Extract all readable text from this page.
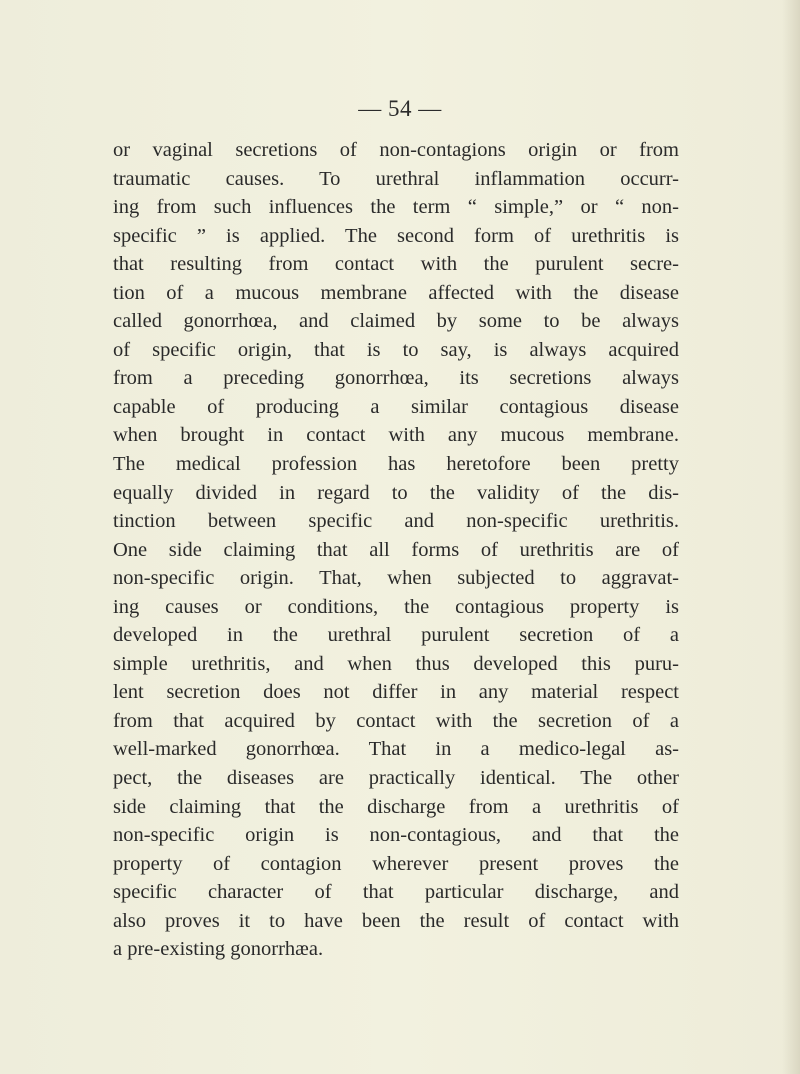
— 54 —
or vaginal secretions of non-contagions origin or from
traumatic causes. To urethral inflammation occurr-
ing from such influences the term “ simple,” or “ non-
specific ” is applied. The second form of urethritis is
that resulting from contact with the purulent secre-
tion of a mucous membrane affected with the disease
called gonorrhœa, and claimed by some to be always
of specific origin, that is to say, is always acquired
from a preceding gonorrhœa, its secretions always
capable of producing a similar contagious disease
when brought in contact with any mucous membrane.
The medical profession has heretofore been pretty
equally divided in regard to the validity of the dis-
tinction between specific and non-specific urethritis.
One side claiming that all forms of urethritis are of
non-specific origin. That, when subjected to aggravat-
ing causes or conditions, the contagious property is
developed in the urethral purulent secretion of a
simple urethritis, and when thus developed this puru-
lent secretion does not differ in any material respect
from that acquired by contact with the secretion of a
well-marked gonorrhœa. That in a medico-legal as-
pect, the diseases are practically identical. The other
side claiming that the discharge from a urethritis of
non-specific origin is non-contagious, and that the
property of contagion wherever present proves the
specific character of that particular discharge, and
also proves it to have been the result of contact with
a pre-existing gonorrhæa.
